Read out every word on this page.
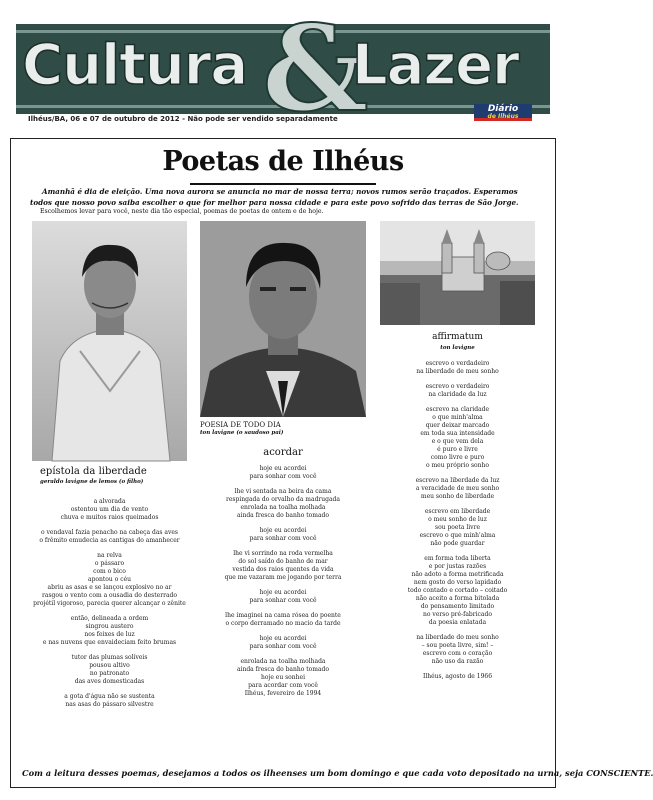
Cultura &
Lazer
Ilhéus/BA, 06 e 07 de outubro de 2012 - Não pode ser vendido separadamente
Diário
de Ilhéus
Poetas de Ilhéus

Amanhã é dia de eleição. Uma nova aurora se anuncia no mar de nossa terra; novos rumos serão traçados. Esperamos todos que nosso povo saiba escolher o que for melhor para nossa cidade e para este povo sofrido das terras de São Jorge.

Escolhemos levar para você, neste dia tão especial, poemas de poetas de ontem e de hoje.

epístola da liberdade
geraldo lavigne de lemos (o filho)
POESIA DE TODO DIA
ton lavigne (o saudoso pai)
acordar
affirmatum
ton lavigne
a alvorada
ostentou um dia de vento
chuva e muitos raios queimados
o vendaval fazia penacho na cabeça das aves
o frêmito emudecia as cantigas do amanhecer
na relva
o pássaro
com o bico
apontou o céu
abriu as asas e se lançou explosivo no ar
rasgou o vento com a ousadia do desterrado
projétil vigoroso, parecia querer alcançar o zênite
então, delineada a ordem
singrou austero
nos feixes de luz
e nas nuvens que envaideciam feito brumas
tutor das plumas solíveis
pousou altivo
no patronato
das aves domesticadas
a gota d'água não se sustenta
nas asas do pássaro silvestre
hoje eu acordei
para sonhar com você
lhe vi sentada na beira da cama
respingada do orvalho da madrugada
enrolada na toalha molhada
ainda fresca do banho tomado
hoje eu acordei
para sonhar com você
lhe vi sorrindo na roda vermelha
do sol saído do banho de mar
vestida dos raios quentes da vida
que me vazaram me jogando por terra
hoje eu acordei
para sonhar com você
lhe imaginei na cama rósea do poente
o corpo derramado no macio da tarde
hoje eu acordei
para sonhar com você
enrolada na toalha molhada
ainda fresca do banho tomado
hoje eu sonhei
para acordar com você
Ilhéus, fevereiro de 1994
escrevo o verdadeiro
na liberdade de meu sonho
escrevo o verdadeiro
na claridade da luz
escrevo na claridade
o que minh'alma
quer deixar marcado
em toda sua intensidade
e o que vem dela
é puro e livre
como livre e puro
o meu próprio sonho
escrevo na liberdade da luz
a veracidade de meu sonho
meu sonho de liberdade
escrevo em liberdade
o meu sonho de luz
sou poeta livre
escrevo o que minh'alma
não pode guardar
em forma toda liberta
e por justas razões
não adoto a forma metrificada
nem gosto do verso lapidado
todo contado e cortado – coitado
não aceito a forma bitolada
do pensamento limitado
no verso pré-fabricado
da poesia enlatada
na liberdade do meu sonho
– sou poeta livre, sim! –
escrevo com o coração
não uso da razão
Ilhéus, agosto de 1966

Com a leitura desses poemas, desejamos a todos os ilheenses um bom domingo e que cada voto depositado na urna, seja CONSCIENTE.
